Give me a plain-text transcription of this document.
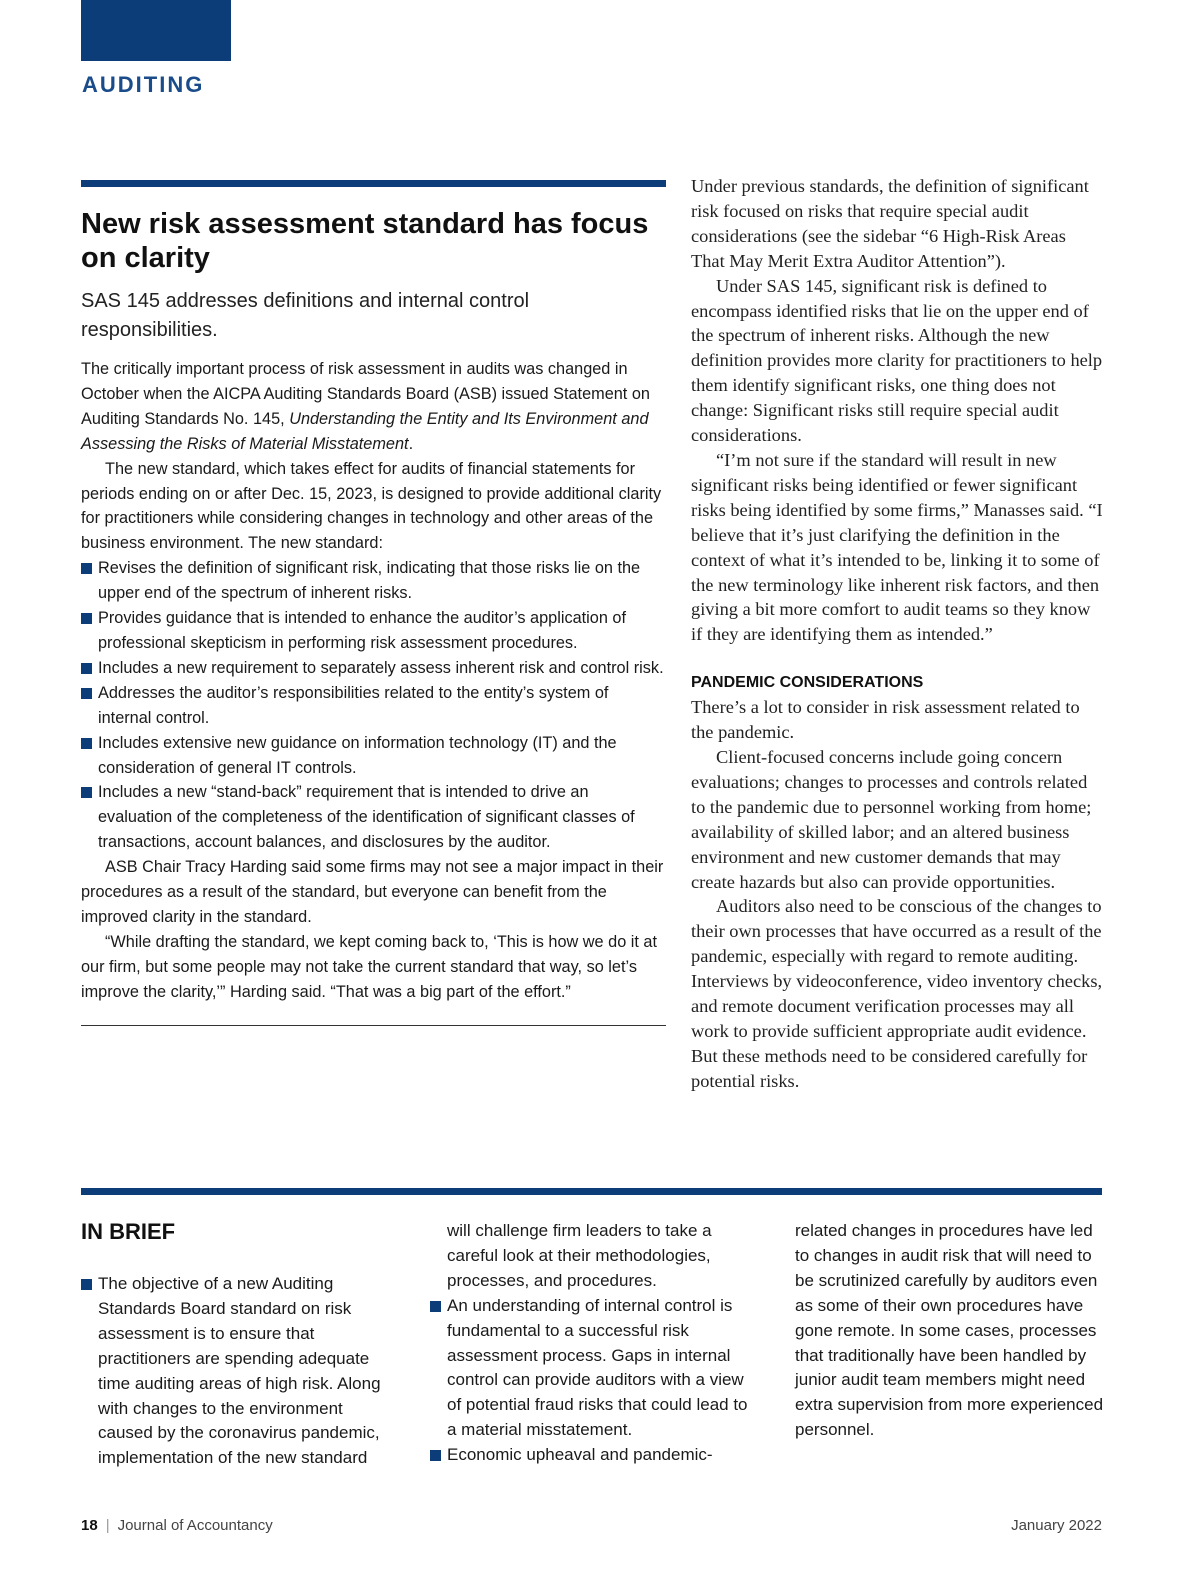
AUDITING
New risk assessment standard has focus on clarity

SAS 145 addresses definitions and internal control responsibilities.

The critically important process of risk assessment in audits was changed in October when the AICPA Auditing Standards Board (ASB) issued Statement on Auditing Standards No. 145, Understanding the Entity and Its Environment and Assessing the Risks of Material Misstatement.

The new standard, which takes effect for audits of financial statements for periods ending on or after Dec. 15, 2023, is designed to provide additional clarity for practitioners while considering changes in technology and other areas of the business environment. The new standard:

Revises the definition of significant risk, indicating that those risks lie on the upper end of the spectrum of inherent risks.
Provides guidance that is intended to enhance the auditor’s application of professional skepticism in performing risk assessment procedures.
Includes a new requirement to separately assess inherent risk and control risk.
Addresses the auditor’s responsibilities related to the entity’s system of internal control.
Includes extensive new guidance on information technology (IT) and the consideration of general IT controls.
Includes a new “stand-back” requirement that is intended to drive an evaluation of the completeness of the identification of significant classes of transactions, account balances, and disclosures by the auditor.

ASB Chair Tracy Harding said some firms may not see a major impact in their procedures as a result of the standard, but everyone can benefit from the improved clarity in the standard.

“While drafting the standard, we kept coming back to, ‘This is how we do it at our firm, but some people may not take the current standard that way, so let’s improve the clarity,’” Harding said. “That was a big part of the effort.”

Under previous standards, the definition of significant risk focused on risks that require special audit considerations (see the sidebar “6 High-Risk Areas That May Merit Extra Auditor Attention”).

Under SAS 145, significant risk is defined to encompass identified risks that lie on the upper end of the spectrum of inherent risks. Although the new definition provides more clarity for practitioners to help them identify significant risks, one thing does not change: Significant risks still require special audit considerations.

“I’m not sure if the standard will result in new significant risks being identified or fewer significant risks being identified by some firms,” Manasses said. “I believe that it’s just clarifying the definition in the context of what it’s intended to be, linking it to some of the new terminology like inherent risk factors, and then giving a bit more comfort to audit teams so they know if they are identifying them as intended.”

PANDEMIC CONSIDERATIONS

There’s a lot to consider in risk assessment related to the pandemic.

Client-focused concerns include going concern evaluations; changes to processes and controls related to the pandemic due to personnel working from home; availability of skilled labor; and an altered business environment and new customer demands that may create hazards but also can provide opportunities.

Auditors also need to be conscious of the changes to their own processes that have occurred as a result of the pandemic, especially with regard to remote auditing. Interviews by videoconference, video inventory checks, and remote document verification processes may all work to provide sufficient appropriate audit evidence. But these methods need to be considered carefully for potential risks.

IN BRIEF
The objective of a new Auditing Standards Board standard on risk assessment is to ensure that practitioners are spending adequate time auditing areas of high risk. Along with changes to the environment caused by the coronavirus pandemic, implementation of the new standard

will challenge firm leaders to take a careful look at their methodologies, processes, and procedures.

An understanding of internal control is fundamental to a successful risk assessment process. Gaps in internal control can provide auditors with a view of potential fraud risks that could lead to a material misstatement.
Economic upheaval and pandemic-

related changes in procedures have led to changes in audit risk that will need to be scrutinized carefully by auditors even as some of their own procedures have gone remote. In some cases, processes that traditionally have been handled by junior audit team members might need extra supervision from more experienced personnel.

18 | Journal of Accountancy	January 2022
